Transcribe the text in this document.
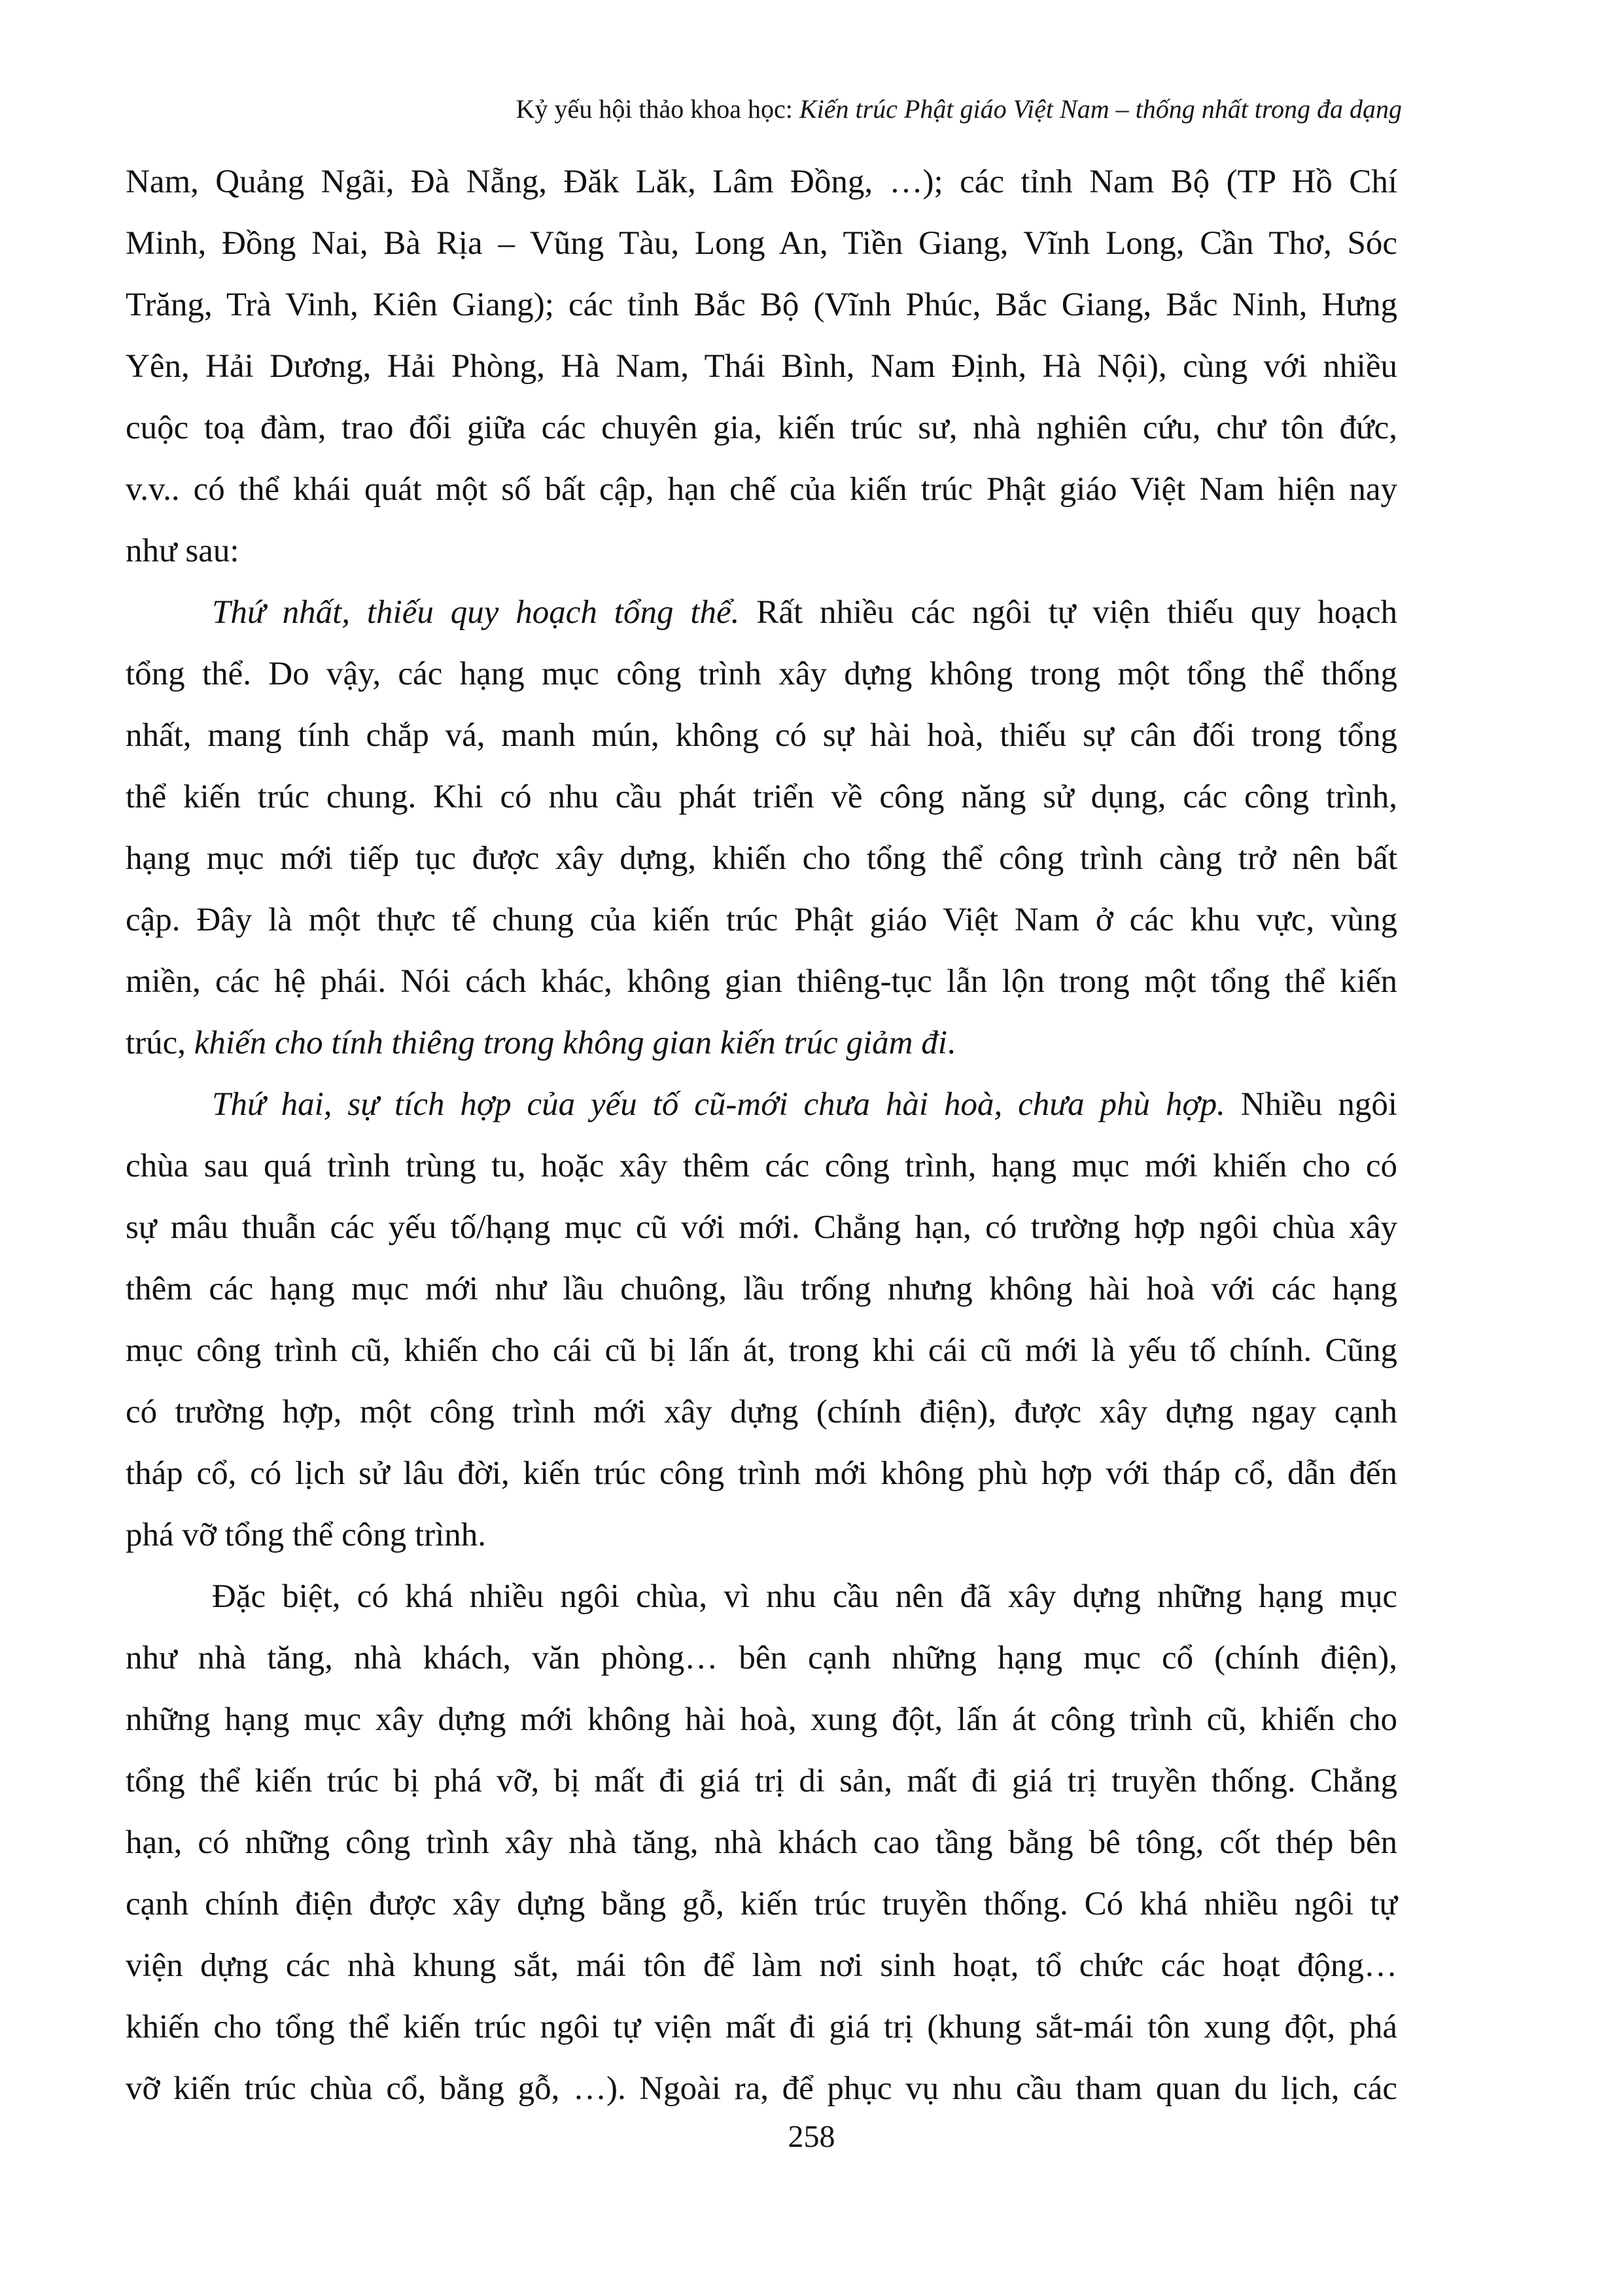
Kỷ yếu hội thảo khoa học: Kiến trúc Phật giáo Việt Nam – thống nhất trong đa dạng
Nam, Quảng Ngãi, Đà Nẵng, Đăk Lăk, Lâm Đồng, …); các tỉnh Nam Bộ (TP Hồ Chí
Minh, Đồng Nai, Bà Rịa – Vũng Tàu, Long An, Tiền Giang, Vĩnh Long, Cần Thơ, Sóc
Trăng, Trà Vinh, Kiên Giang); các tỉnh Bắc Bộ (Vĩnh Phúc, Bắc Giang, Bắc Ninh, Hưng
Yên, Hải Dương, Hải Phòng, Hà Nam, Thái Bình, Nam Định, Hà Nội), cùng với nhiều
cuộc toạ đàm, trao đổi giữa các chuyên gia, kiến trúc sư, nhà nghiên cứu, chư tôn đức,
v.v.. có thể khái quát một số bất cập, hạn chế của kiến trúc Phật giáo Việt Nam hiện nay
như sau:
Thứ nhất, thiếu quy hoạch tổng thể. Rất nhiều các ngôi tự viện thiếu quy hoạch
tổng thể. Do vậy, các hạng mục công trình xây dựng không trong một tổng thể thống
nhất, mang tính chắp vá, manh mún, không có sự hài hoà, thiếu sự cân đối trong tổng
thể kiến trúc chung. Khi có nhu cầu phát triển về công năng sử dụng, các công trình,
hạng mục mới tiếp tục được xây dựng, khiến cho tổng thể công trình càng trở nên bất
cập. Đây là một thực tế chung của kiến trúc Phật giáo Việt Nam ở các khu vực, vùng
miền, các hệ phái. Nói cách khác, không gian thiêng-tục lẫn lộn trong một tổng thể kiến
trúc, khiến cho tính thiêng trong không gian kiến trúc giảm đi.
Thứ hai, sự tích hợp của yếu tố cũ-mới chưa hài hoà, chưa phù hợp. Nhiều ngôi
chùa sau quá trình trùng tu, hoặc xây thêm các công trình, hạng mục mới khiến cho có
sự mâu thuẫn các yếu tố/hạng mục cũ với mới. Chẳng hạn, có trường hợp ngôi chùa xây
thêm các hạng mục mới như lầu chuông, lầu trống nhưng không hài hoà với các hạng
mục công trình cũ, khiến cho cái cũ bị lấn át, trong khi cái cũ mới là yếu tố chính. Cũng
có trường hợp, một công trình mới xây dựng (chính điện), được xây dựng ngay cạnh
tháp cổ, có lịch sử lâu đời, kiến trúc công trình mới không phù hợp với tháp cổ, dẫn đến
phá vỡ tổng thể công trình.
Đặc biệt, có khá nhiều ngôi chùa, vì nhu cầu nên đã xây dựng những hạng mục
như nhà tăng, nhà khách, văn phòng… bên cạnh những hạng mục cổ (chính điện),
những hạng mục xây dựng mới không hài hoà, xung đột, lấn át công trình cũ, khiến cho
tổng thể kiến trúc bị phá vỡ, bị mất đi giá trị di sản, mất đi giá trị truyền thống. Chẳng
hạn, có những công trình xây nhà tăng, nhà khách cao tầng bằng bê tông, cốt thép bên
cạnh chính điện được xây dựng bằng gỗ, kiến trúc truyền thống. Có khá nhiều ngôi tự
viện dựng các nhà khung sắt, mái tôn để làm nơi sinh hoạt, tổ chức các hoạt động…
khiến cho tổng thể kiến trúc ngôi tự viện mất đi giá trị (khung sắt-mái tôn xung đột, phá
vỡ kiến trúc chùa cổ, bằng gỗ, …). Ngoài ra, để phục vụ nhu cầu tham quan du lịch, các
258
